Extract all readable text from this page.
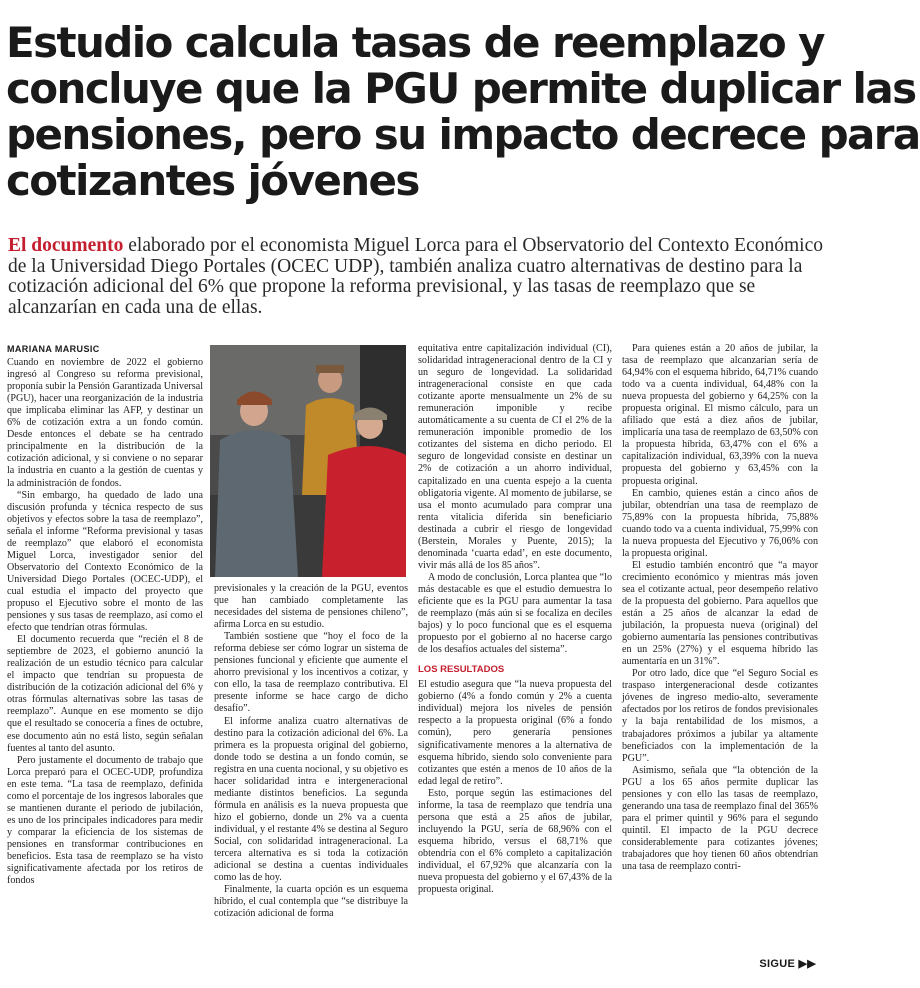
Estudio calcula tasas de reemplazo y
concluye que la PGU permite duplicar las
pensiones, pero su impacto decrece para
cotizantes jóvenes
El documento elaborado por el economista Miguel Lorca para el Observatorio del Contexto Económico
de la Universidad Diego Portales (OCEC UDP), también analiza cuatro alternativas de destino para la
cotización adicional del 6% que propone la reforma previsional, y las tasas de reemplazo que se
alcanzarían en cada una de ellas.

MARIANA MARUSIC

Cuando en noviembre de 2022 el gobierno ingresó al Congreso su reforma previsional, proponía subir la Pensión Garantizada Universal (PGU), hacer una reorganización de la industria que implicaba eliminar las AFP, y destinar un 6% de cotización extra a un fondo común. Desde entonces el debate se ha centrado principalmente en la distribución de la cotización adicional, y si conviene o no separar la industria en cuanto a la gestión de cuentas y la administración de fondos.

“Sin embargo, ha quedado de lado una discusión profunda y técnica respecto de sus objetivos y efectos sobre la tasa de reemplazo”, señala el informe “Reforma previsional y tasas de reemplazo” que elaboró el economista Miguel Lorca, investigador senior del Observatorio del Contexto Económico de la Universidad Diego Portales (OCEC-UDP), el cual estudia el impacto del proyecto que propuso el Ejecutivo sobre el monto de las pensiones y sus tasas de reemplazo, así como el efecto que tendrían otras fórmulas.

El documento recuerda que “recién el 8 de septiembre de 2023, el gobierno anunció la realización de un estudio técnico para calcular el impacto que tendrían su propuesta de distribución de la cotización adicional del 6% y otras fórmulas alternativas sobre las tasas de reemplazo”. Aunque en ese momento se dijo que el resultado se conocería a fines de octubre, ese documento aún no está listo, según señalan fuentes al tanto del asunto.

Pero justamente el documento de trabajo que Lorca preparó para el OCEC-UDP, profundiza en este tema. “La tasa de reemplazo, definida como el porcentaje de los ingresos laborales que se mantienen durante el periodo de jubilación, es uno de los principales indicadores para medir y comparar la eficiencia de los sistemas de pensiones en transformar contribuciones en beneficios. Esta tasa de reemplazo se ha visto significativamente afectada por los retiros de fondos

previsionales y la creación de la PGU, eventos que han cambiado completamente las necesidades del sistema de pensiones chileno”, afirma Lorca en su estudio.

También sostiene que “hoy el foco de la reforma debiese ser cómo lograr un sistema de pensiones funcional y eficiente que aumente el ahorro previsional y los incentivos a cotizar, y con ello, la tasa de reemplazo contributiva. El presente informe se hace cargo de dicho desafío”.

El informe analiza cuatro alternativas de destino para la cotización adicional del 6%. La primera es la propuesta original del gobierno, donde todo se destina a un fondo común, se registra en una cuenta nocional, y su objetivo es hacer solidaridad intra e intergeneracional mediante distintos beneficios. La segunda fórmula en análisis es la nueva propuesta que hizo el gobierno, donde un 2% va a cuenta individual, y el restante 4% se destina al Seguro Social, con solidaridad intrageneracional. La tercera alternativa es si toda la cotización adicional se destina a cuentas individuales como las de hoy.

Finalmente, la cuarta opción es un esquema híbrido, el cual contempla que “se distribuye la cotización adicional de forma

equitativa entre capitalización individual (CI), solidaridad intrageneracional dentro de la CI y un seguro de longevidad. La solidaridad intrageneracional consiste en que cada cotizante aporte mensualmente un 2% de su remuneración imponible y recibe automáticamente a su cuenta de CI el 2% de la remuneración imponible promedio de los cotizantes del sistema en dicho periodo. El seguro de longevidad consiste en destinar un 2% de cotización a un ahorro individual, capitalizado en una cuenta espejo a la cuenta obligatoria vigente. Al momento de jubilarse, se usa el monto acumulado para comprar una renta vitalicia diferida sin beneficiario destinada a cubrir el riesgo de longevidad (Berstein, Morales y Puente, 2015); la denominada ‘cuarta edad’, en este documento, vivir más allá de los 85 años”.

A modo de conclusión, Lorca plantea que “lo más destacable es que el estudio demuestra lo eficiente que es la PGU para aumentar la tasa de reemplazo (más aún si se focaliza en deciles bajos) y lo poco funcional que es el esquema propuesto por el gobierno al no hacerse cargo de los desafíos actuales del sistema”.

LOS RESULTADOS

El estudio asegura que “la nueva propuesta del gobierno (4% a fondo común y 2% a cuenta individual) mejora los niveles de pensión respecto a la propuesta original (6% a fondo común), pero generaría pensiones significativamente menores a la alternativa de esquema híbrido, siendo solo conveniente para cotizantes que estén a menos de 10 años de la edad legal de retiro”.

Esto, porque según las estimaciones del informe, la tasa de reemplazo que tendría una persona que está a 25 años de jubilar, incluyendo la PGU, sería de 68,96% con el esquema híbrido, versus el 68,71% que obtendría con el 6% completo a capitalización individual, el 67,92% que alcanzaría con la nueva propuesta del gobierno y el 67,43% de la propuesta original.

Para quienes están a 20 años de jubilar, la tasa de reemplazo que alcanzarían sería de 64,94% con el esquema híbrido, 64,71% cuando todo va a cuenta individual, 64,48% con la nueva propuesta del gobierno y 64,25% con la propuesta original. El mismo cálculo, para un afiliado que está a diez años de jubilar, implicaría una tasa de reemplazo de 63,50% con la propuesta híbrida, 63,47% con el 6% a capitalización individual, 63,39% con la nueva propuesta del gobierno y 63,45% con la propuesta original.

En cambio, quienes están a cinco años de jubilar, obtendrían una tasa de reemplazo de 75,89% con la propuesta híbrida, 75,88% cuando todo va a cuenta individual, 75,99% con la nueva propuesta del Ejecutivo y 76,06% con la propuesta original.

El estudio también encontró que “a mayor crecimiento económico y mientras más joven sea el cotizante actual, peor desempeño relativo de la propuesta del gobierno. Para aquellos que están a 25 años de alcanzar la edad de jubilación, la propuesta nueva (original) del gobierno aumentaría las pensiones contributivas en un 25% (27%) y el esquema híbrido las aumentaría en un 31%”.

Por otro lado, dice que “el Seguro Social es traspaso intergeneracional desde cotizantes jóvenes de ingreso medio-alto, severamente afectados por los retiros de fondos previsionales y la baja rentabilidad de los mismos, a trabajadores próximos a jubilar ya altamente beneficiados con la implementación de la PGU”.

Asimismo, señala que “la obtención de la PGU a los 65 años permite duplicar las pensiones y con ello las tasas de reemplazo, generando una tasa de reemplazo final del 365% para el primer quintil y 96% para el segundo quintil. El impacto de la PGU decrece considerablemente para cotizantes jóvenes; trabajadores que hoy tienen 60 años obtendrían una tasa de reemplazo contri-

SIGUE ▶▶
